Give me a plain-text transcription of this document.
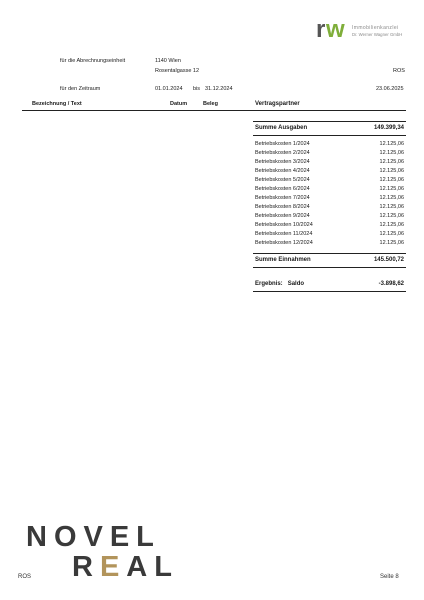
r w Immobilienkanzlei
Dr. Werner Wagner GmbH
für die Abrechnungseinheit	1140 Wien
Rosentalgasse 12	ROS
für den Zeitraum	01.01.2024 bis 31.12.2024	23.06.2025
Bezeichnung / Text	Datum	Beleg	Vertragspartner
Summe Ausgaben	149.399,34
Betriebskosten 1/2024	12.125,06
Betriebskosten 2/2024	12.125,06
Betriebskosten 3/2024	12.125,06
Betriebskosten 4/2024	12.125,06
Betriebskosten 5/2024	12.125,06
Betriebskosten 6/2024	12.125,06
Betriebskosten 7/2024	12.125,06
Betriebskosten 8/2024	12.125,06
Betriebskosten 9/2024	12.125,06
Betriebskosten 10/2024	12.125,06
Betriebskosten 11/2024	12.125,06
Betriebskosten 12/2024	12.125,06
Summe Einnahmen	145.500,72
Ergebnis: Saldo	-3.898,62
NOVEL
REAL
ROS	Seite 8
